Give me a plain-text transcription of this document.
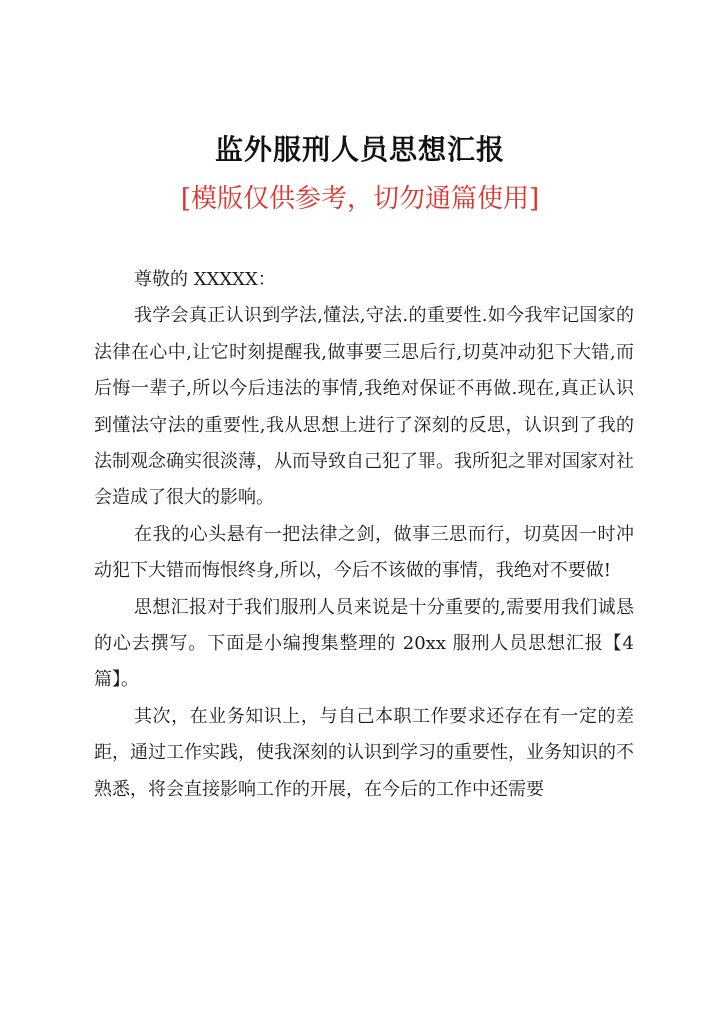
监外服刑人员思想汇报
[模版仅供参考，切勿通篇使用]

尊敬的 XXXXX：

我学会真正认识到学法,懂法,守法.的重要性.如今我牢记国家的法律在心中,让它时刻提醒我,做事要三思后行,切莫冲动犯下大错,而后悔一辈子,所以今后违法的事情,我绝对保证不再做.现在,真正认识到懂法守法的重要性,我从思想上进行了深刻的反思，认识到了我的法制观念确实很淡薄，从而导致自己犯了罪。我所犯之罪对国家对社会造成了很大的影响。

在我的心头悬有一把法律之剑，做事三思而行，切莫因一时冲动犯下大错而悔恨终身,所以，今后不该做的事情，我绝对不要做!

思想汇报对于我们服刑人员来说是十分重要的,需要用我们诚恳的心去撰写。下面是小编搜集整理的 20xx 服刑人员思想汇报【4 篇】。

其次，在业务知识上，与自己本职工作要求还存在有一定的差距，通过工作实践，使我深刻的认识到学习的重要性，业务知识的不熟悉，将会直接影响工作的开展，在今后的工作中还需要
